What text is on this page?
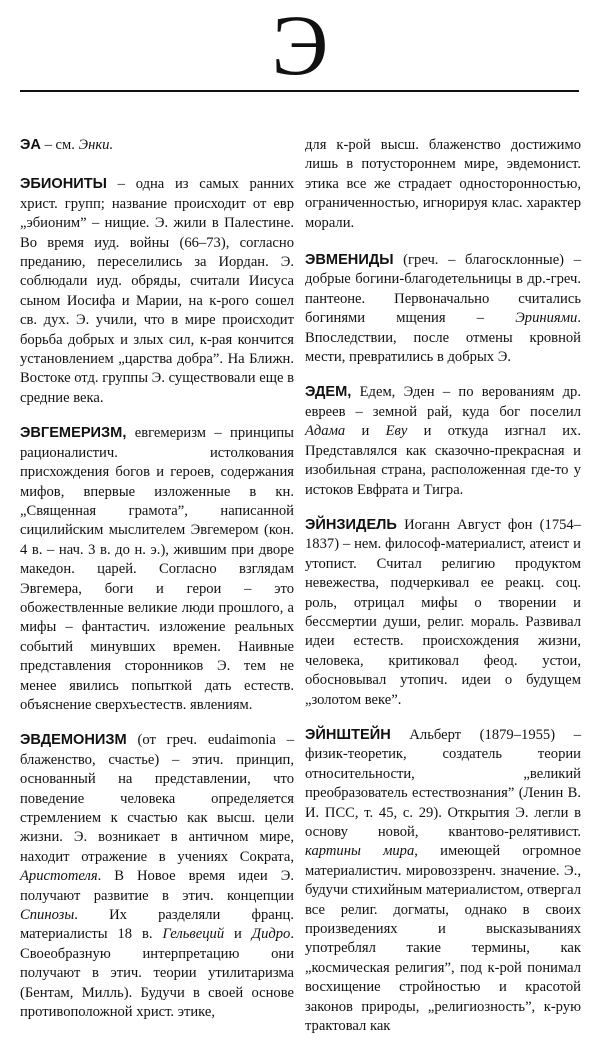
Э

ЭА – см. Энки.

ЭБИОНИТЫ – одна из самых ранних христ. групп; название происходит от евр „эбионим” – нищие. Э. жили в Палестине. Во время иуд. войны (66–73), согласно преданию, переселились за Иордан. Э. соблюдали иуд. обряды, считали Иисуса сыном Иосифа и Марии, на к-рого сошел св. дух. Э. учили, что в мире происходит борьба добрых и злых сил, к-рая кончится установлением „царства добра”. На Ближн. Востоке отд. группы Э. существовали еще в средние века.

ЭВГЕМЕРИЗМ, евгемеризм – принципы рационалистич. истолкования присхождения богов и героев, содержания мифов, впервые изложенные в кн. „Священная грамота”, написанной сицилийским мыслителем Эвгемером (кон. 4 в. – нач. 3 в. до н. э.), жившим при дворе македон. царей. Согласно взглядам Эвгемера, боги и герои – это обожествленные великие люди прошлого, а мифы – фантастич. изложение реальных событий минувших времен. Наивные представления сторонников Э. тем не менее явились попыткой дать естеств. объяснение сверхъестеств. явлениям.

ЭВДЕМОНИЗМ (от греч. eudaimonia – блаженство, счастье) – этич. принцип, основанный на представлении, что поведение человека определяется стремлением к счастью как высш. цели жизни. Э. возникает в античном мире, находит отражение в учениях Сократа, Аристотеля. В Новое время идеи Э. получают развитие в этич. концепции Спинозы. Их разделяли франц. материалисты 18 в. Гельвеций и Дидро. Своеобразную интерпретацию они получают в этич. теории утилитаризма (Бентам, Милль). Будучи в своей основе противоположной христ. этике,

для к-рой высш. блаженство достижимо лишь в потустороннем мире, эвдемонист. этика все же страдает односторонностью, ограниченностью, игнорируя клас. характер морали.

ЭВМЕНИДЫ (греч. – благосклонные) – добрые богини-благодетельницы в др.-греч. пантеоне. Первоначально считались богинями мщения – Эриниями. Впоследствии, после отмены кровной мести, превратились в добрых Э.

ЭДЕМ, Едем, Эден – по верованиям др. евреев – земной рай, куда бог поселил Адама и Еву и откуда изгнал их. Представлялся как сказочно-прекрасная и изобильная страна, расположенная где-то у истоков Евфрата и Тигра.

ЭЙНЗИДЕЛЬ Иоганн Август фон (1754–1837) – нем. философ-материалист, атеист и утопист. Считал религию продуктом невежества, подчеркивал ее реакц. соц. роль, отрицал мифы о творении и бессмертии души, религ. мораль. Развивал идеи естеств. происхождения жизни, человека, критиковал феод. устои, обосновывал утопич. идеи о будущем „золотом веке”.

ЭЙНШТЕЙН Альберт (1879–1955) – физик-теоретик, создатель теории относительности, „великий преобразователь естествознания” (Ленин В. И. ПСС, т. 45, с. 29). Открытия Э. легли в основу новой, квантово-релятивист. картины мира, имеющей огромное материалистич. мировоззренч. значение. Э., будучи стихийным материалистом, отвергал все религ. догматы, однако в своих произведениях и высказываниях употреблял такие термины, как „космическая религия”, под к-рой понимал восхищение стройностью и красотой законов природы, „религиозность”, к-рую трактовал как
